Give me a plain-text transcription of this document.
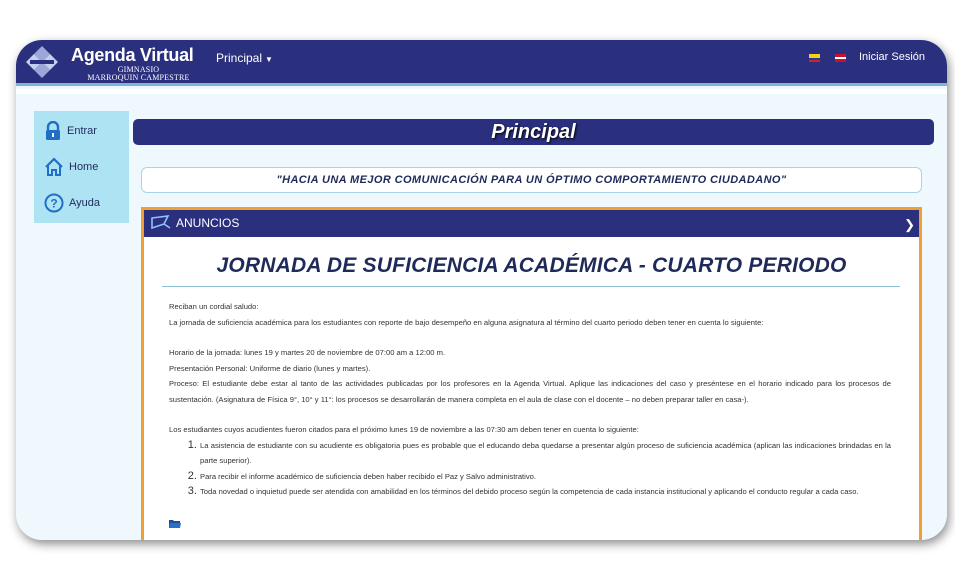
Agenda Virtual
GIMNASIO
MARROQUIN CAMPESTRE
Principal ▼	Iniciar Sesión
Entrar
Home
? Ayuda
Principal
"HACIA UNA MEJOR COMUNICACIÓN PARA UN ÓPTIMO COMPORTAMIENTO CIUDADANO"
ANUNCIOS	❯
JORNADA DE SUFICIENCIA ACADÉMICA - CUARTO PERIODO

Reciban un cordial saludo:

La jornada de suficiencia académica para los estudiantes con reporte de bajo desempeño en alguna asignatura al término del cuarto periodo deben tener en cuenta lo siguiente:

Horario de la jornada: lunes 19 y martes 20 de noviembre de 07:00 am a 12:00 m.

Presentación Personal: Uniforme de diario (lunes y martes).

Proceso: El estudiante debe estar al tanto de las actividades publicadas por los profesores en la Agenda Virtual. Aplique las indicaciones del caso y preséntese en el horario indicado para los procesos de sustentación. (Asignatura de Física 9°, 10° y 11°: los procesos se desarrollarán de manera completa en el aula de clase con el docente – no deben preparar taller en casa-).

Los estudiantes cuyos acudientes fueron citados para el próximo lunes 19 de noviembre a las 07:30 am deben tener en cuenta lo siguiente:

1. La asistencia de estudiante con su acudiente es obligatoria pues es probable que el educando deba quedarse a presentar algún proceso de suficiencia académica (aplican las indicaciones brindadas en la parte superior).
2. Para recibir el informe académico de suficiencia deben haber recibido el Paz y Salvo administrativo.
3. Toda novedad o inquietud puede ser atendida con amabilidad en los términos del debido proceso según la competencia de cada instancia institucional y aplicando el conducto regular a cada caso.
